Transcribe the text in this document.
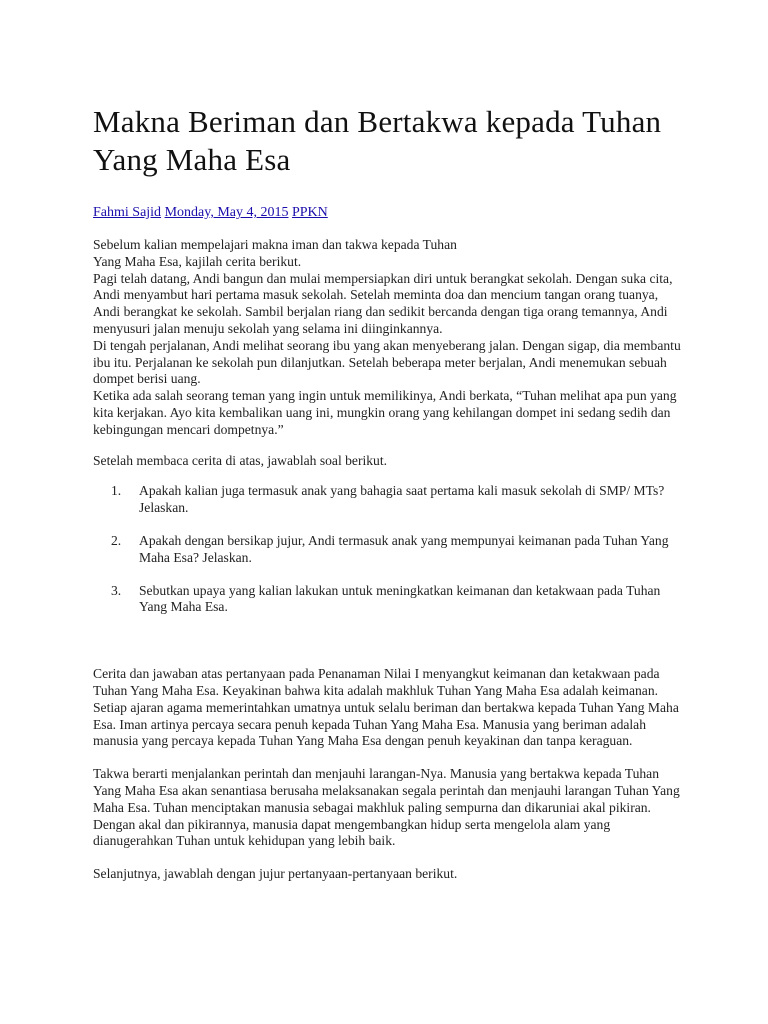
Makna Beriman dan Bertakwa kepada Tuhan Yang Maha Esa
Fahmi Sajid Monday, May 4, 2015 PPKN
Sebelum kalian mempelajari makna iman dan takwa kepada Tuhan
Yang Maha Esa, kajilah cerita berikut.

Pagi telah datang, Andi bangun dan mulai mempersiapkan diri untuk berangkat sekolah. Dengan suka cita, Andi menyambut hari pertama masuk sekolah. Setelah meminta doa dan mencium tangan orang tuanya, Andi berangkat ke sekolah. Sambil berjalan riang dan sedikit bercanda dengan tiga orang temannya, Andi menyusuri jalan menuju sekolah yang selama ini diinginkannya.

Di tengah perjalanan, Andi melihat seorang ibu yang akan menyeberang jalan. Dengan sigap, dia membantu ibu itu. Perjalanan ke sekolah pun dilanjutkan. Setelah beberapa meter berjalan, Andi menemukan sebuah dompet berisi uang.

Ketika ada salah seorang teman yang ingin untuk memilikinya, Andi berkata, “Tuhan melihat apa pun yang kita kerjakan. Ayo kita kembalikan uang ini, mungkin orang yang kehilangan dompet ini sedang sedih dan kebingungan mencari dompetnya.”

Setelah membaca cerita di atas, jawablah soal berikut.

1. Apakah kalian juga termasuk anak yang bahagia saat pertama kali masuk sekolah di SMP/ MTs? Jelaskan.
2. Apakah dengan bersikap jujur, Andi termasuk anak yang mempunyai keimanan pada Tuhan Yang Maha Esa? Jelaskan.
3. Sebutkan upaya yang kalian lakukan untuk meningkatkan keimanan dan ketakwaan pada Tuhan Yang Maha Esa.

Cerita dan jawaban atas pertanyaan pada Penanaman Nilai I menyangkut keimanan dan ketakwaan pada Tuhan Yang Maha Esa. Keyakinan bahwa kita adalah makhluk Tuhan Yang Maha Esa adalah keimanan. Setiap ajaran agama memerintahkan umatnya untuk selalu beriman dan bertakwa kepada Tuhan Yang Maha Esa. Iman artinya percaya secara penuh kepada Tuhan Yang Maha Esa. Manusia yang beriman adalah manusia yang percaya kepada Tuhan Yang Maha Esa dengan penuh keyakinan dan tanpa keraguan.

Takwa berarti menjalankan perintah dan menjauhi larangan-Nya. Manusia yang bertakwa kepada Tuhan Yang Maha Esa akan senantiasa berusaha melaksanakan segala perintah dan menjauhi larangan Tuhan Yang Maha Esa. Tuhan menciptakan manusia sebagai makhluk paling sempurna dan dikaruniai akal pikiran. Dengan akal dan pikirannya, manusia dapat mengembangkan hidup serta mengelola alam yang dianugerahkan Tuhan untuk kehidupan yang lebih baik.

Selanjutnya, jawablah dengan jujur pertanyaan-pertanyaan berikut.
